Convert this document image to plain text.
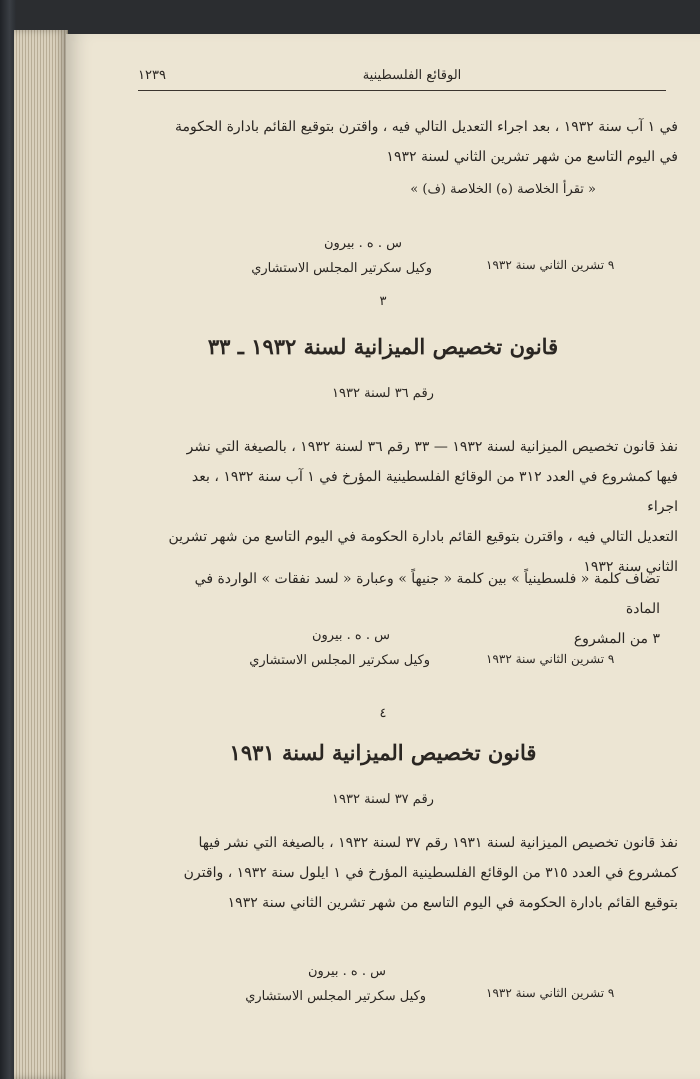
١٢٣٩	الوقائع الفلسطينية

في ١ آب سنة ١٩٣٢ ، بعد اجراء التعديل التالي فيه ، واقترن بتوقيع القائم بادارة الحكومة

في اليوم التاسع من شهر تشرين الثاني لسنة ١٩٣٢

« تقرأ الخلاصة (ه) الخلاصة (ف) »
س . ه . بيرون
وكيل سكرتير المجلس الاستشاري	٩ تشرين الثاني سنة ١٩٣٢
٣
قانون تخصيص الميزانية لسنة ١٩٣٢ ـ ٣٣
رقم ٣٦ لسنة ١٩٣٢

نفذ قانون تخصيص الميزانية لسنة ١٩٣٢ — ٣٣ رقم ٣٦ لسنة ١٩٣٢ ، بالصيغة التي نشر

فيها كمشروع في العدد ٣١٢ من الوقائع الفلسطينية المؤرخ في ١ آب سنة ١٩٣٢ ، بعد اجراء

التعديل التالي فيه ، واقترن بتوقيع القائم بادارة الحكومة في اليوم التاسع من شهر تشرين

الثاني سنة ١٩٣٢

تضاف كلمة « فلسطينياً » بين كلمة « جنيهاً » وعبارة « لسد نفقات » الواردة في المادة

٣ من المشروع

س . ه . بيرون
وكيل سكرتير المجلس الاستشاري	٩ تشرين الثاني سنة ١٩٣٢
٤
قانون تخصيص الميزانية لسنة ١٩٣١
رقم ٣٧ لسنة ١٩٣٢

نفذ قانون تخصيص الميزانية لسنة ١٩٣١ رقم ٣٧ لسنة ١٩٣٢ ، بالصيغة التي نشر فيها

كمشروع في العدد ٣١٥ من الوقائع الفلسطينية المؤرخ في ١ ايلول سنة ١٩٣٢ ، واقترن

بتوقيع القائم بادارة الحكومة في اليوم التاسع من شهر تشرين الثاني سنة ١٩٣٢

س . ه . بيرون
وكيل سكرتير المجلس الاستشاري	٩ تشرين الثاني سنة ١٩٣٢
